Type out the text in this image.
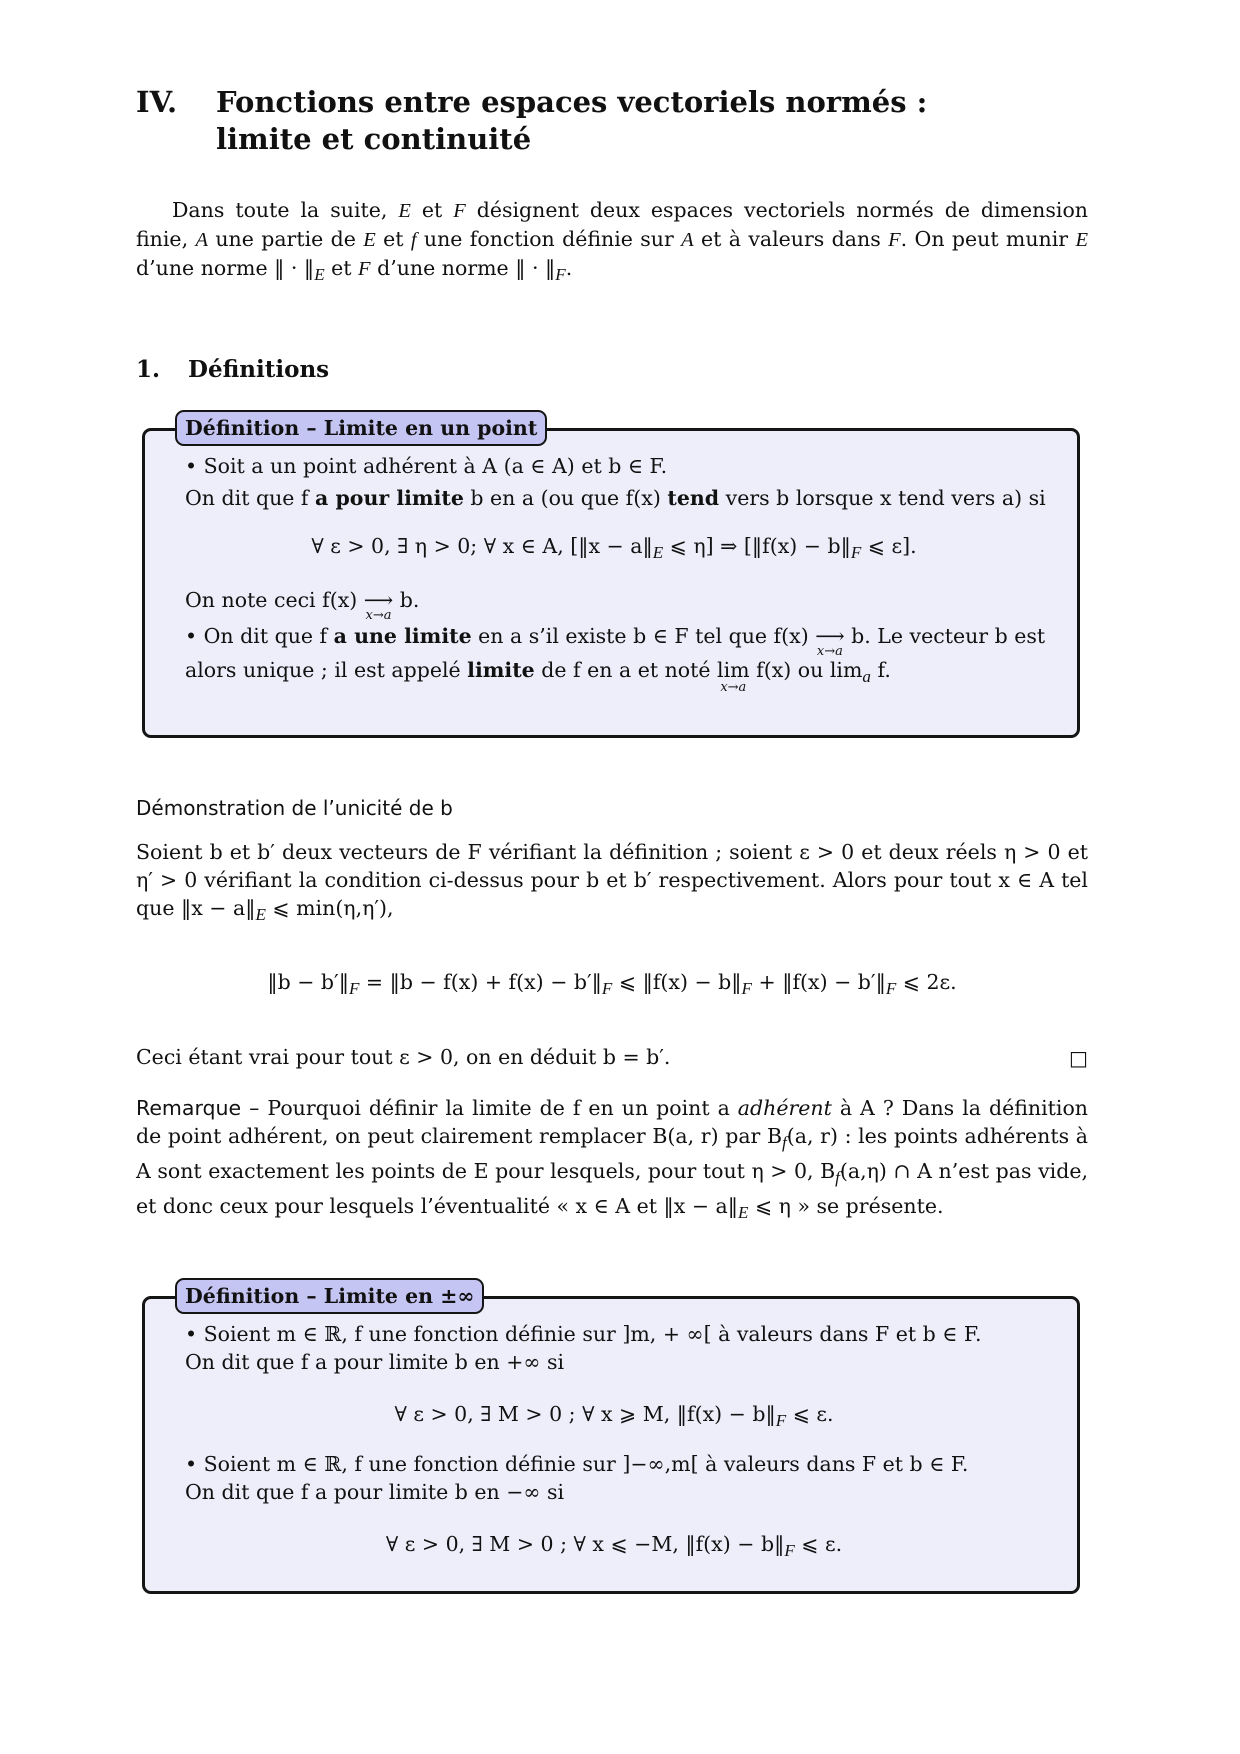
IV. Fonctions entre espaces vectoriels normés :
limite et continuité

Dans toute la suite, E et F désignent deux espaces vectoriels normés de dimension finie, A une partie de E et f une fonction définie sur A et à valeurs dans F. On peut munir E d’une norme ‖ · $‖_E$ et F d’une norme ‖ · $‖_F$.

1. Définitions
Définition – Limite en un point
• Soit a un point adhérent à A (a ∈ A) et b ∈ F.
On dit que f a pour limite b en a (ou que f(x) tend vers b lorsque x tend vers a) si
∀ ε > 0, ∃ η > 0; ∀ x ∈ A, [‖x − $a‖_E$ ⩽ η] ⇒ [‖f(x) − $b‖_F$ ⩽ ε].
On note ceci f(x) ⟶
x→a
b.
• On dit que f a une limite en a s’il existe b ∈ F tel que f(x) ⟶
x→a
b. Le vecteur b est
alors unique ; il est appelé limite de f en a et noté lim
x→a
f(x) ou $\lim_a f$.
Démonstration de l’unicité de b

Soient b et b′ deux vecteurs de F vérifiant la définition ; soient ε > 0 et deux réels η > 0 et η′ > 0 vérifiant la condition ci-dessus pour b et b′ respectivement. Alors pour tout x ∈ A tel que ‖x − $a‖_E$ ⩽ min(η,η′),

‖b − $b'‖_F$ = ‖b − $f(x) + f(x) - b'‖_F$ ⩽ ‖f(x) − $b‖_F$ + ‖f(x) − $b'‖_F$ ⩽ 2ε.
Ceci étant vrai pour tout ε > 0, on en déduit b = b′.	□

Remarque – Pourquoi définir la limite de f en un point a adhérent à A ? Dans la définition de point adhérent, on peut clairement remplacer B(a, r) par $B_f(a$, r) : les points adhérents à A sont exactement les points de E pour lesquels, pour tout η > 0, $B_f(a,\eta)$ ∩ A n’est pas vide, et donc ceux pour lesquels l’éventualité « x ∈ A et ‖x − $a‖_E$ ⩽ η » se présente.

Définition – Limite en ±∞
• Soient m ∈ ℝ, f une fonction définie sur ]m, + ∞[ à valeurs dans F et b ∈ F.
On dit que f a pour limite b en +∞ si
∀ ε > 0, ∃ M > 0 ; ∀ x ⩾ M, ‖f(x) − $b‖_F$ ⩽ ε.
• Soient m ∈ ℝ, f une fonction définie sur ]−∞,m[ à valeurs dans F et b ∈ F.
On dit que f a pour limite b en −∞ si
∀ ε > 0, ∃ M > 0 ; ∀ x ⩽ −M, ‖f(x) − $b‖_F$ ⩽ ε.
